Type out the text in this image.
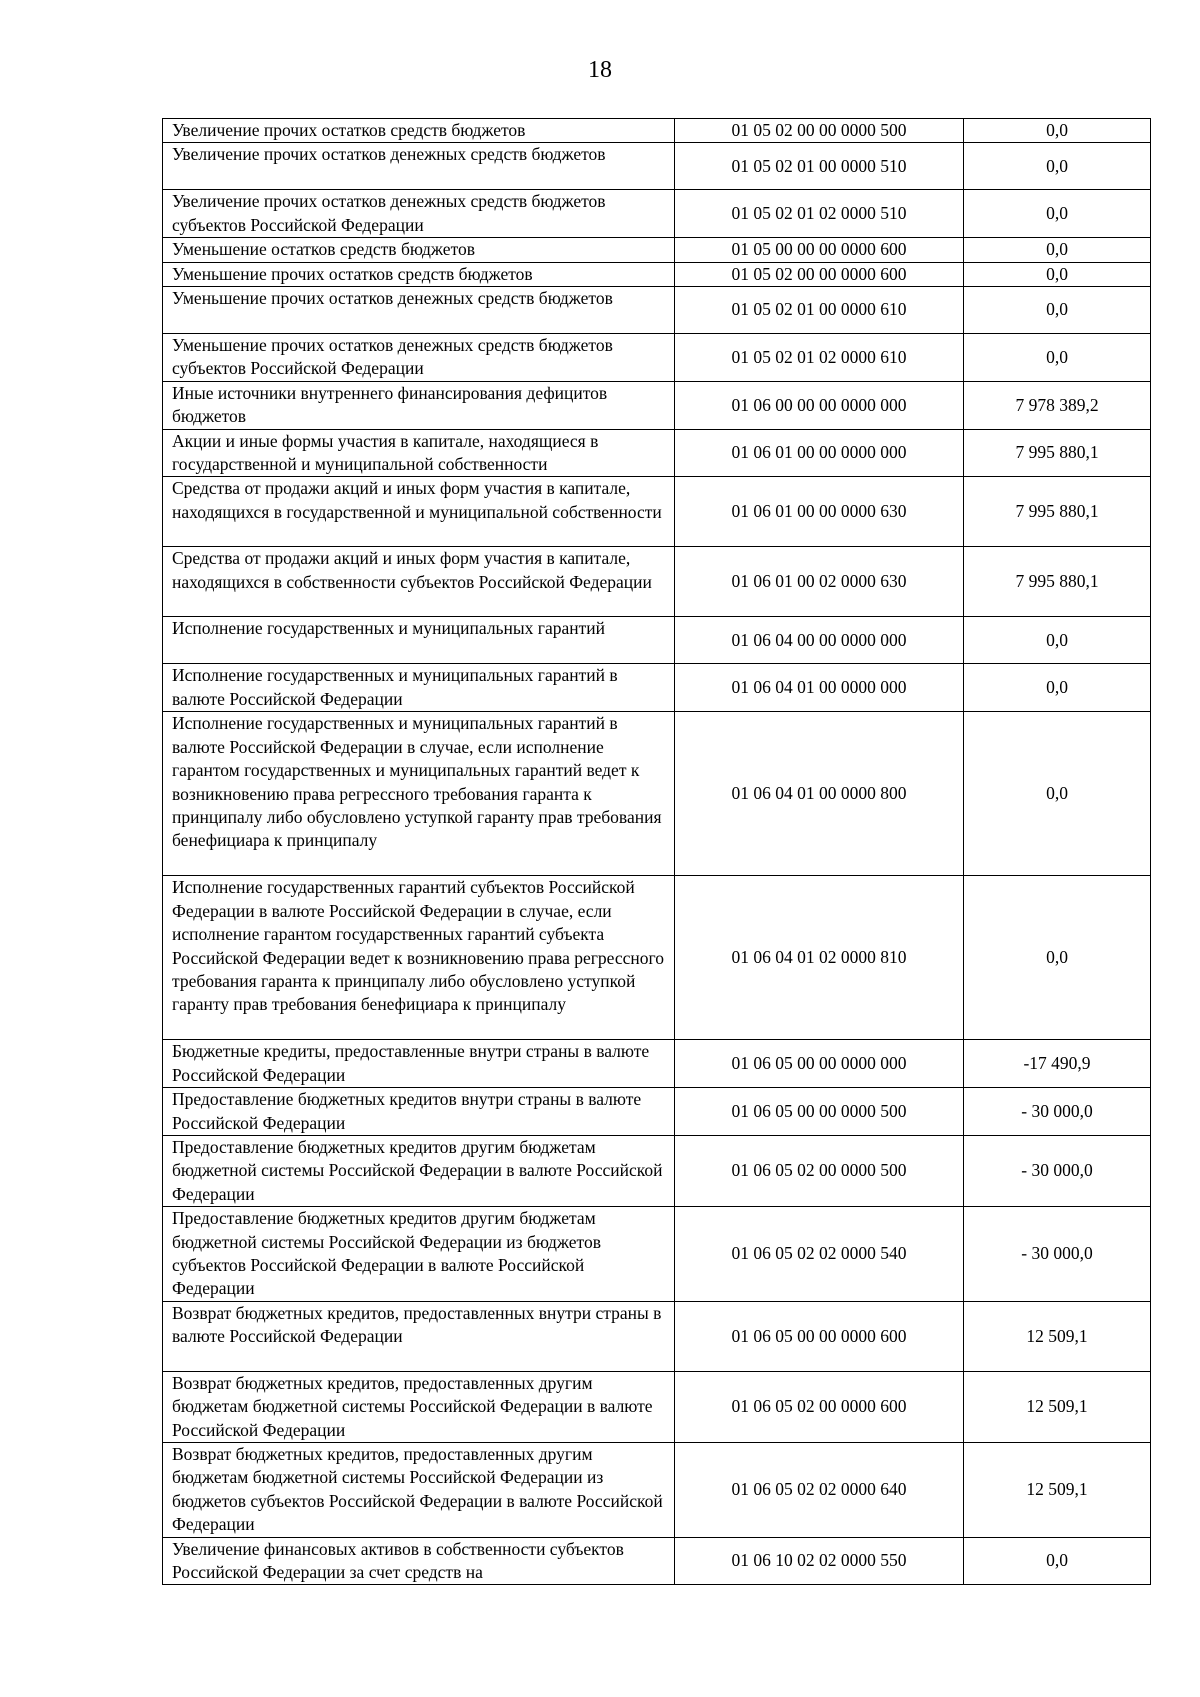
18
Увеличение прочих остатков средств бюджетов	01 05 02 00 00 0000 500	0,0
Увеличение прочих остатков денежных средств бюджетов	01 05 02 01 00 0000 510	0,0
Увеличение прочих остатков денежных средств бюджетов субъектов Российской Федерации	01 05 02 01 02 0000 510	0,0
Уменьшение остатков средств бюджетов	01 05 00 00 00 0000 600	0,0
Уменьшение прочих остатков средств бюджетов	01 05 02 00 00 0000 600	0,0
Уменьшение прочих остатков денежных средств бюджетов	01 05 02 01 00 0000 610	0,0
Уменьшение прочих остатков денежных средств бюджетов субъектов Российской Федерации	01 05 02 01 02 0000 610	0,0
Иные источники внутреннего финансирования дефицитов бюджетов	01 06 00 00 00 0000 000	7 978 389,2
Акции и иные формы участия в капитале, находящиеся в государственной и муниципальной собственности	01 06 01 00 00 0000 000	7 995 880,1
Средства от продажи акций и иных форм участия в капитале, находящихся в государственной и муниципальной собственности	01 06 01 00 00 0000 630	7 995 880,1
Средства от продажи акций и иных форм участия в капитале, находящихся в собственности субъектов Российской Федерации	01 06 01 00 02 0000 630	7 995 880,1
Исполнение государственных и муниципальных гарантий	01 06 04 00 00 0000 000	0,0
Исполнение государственных и муниципальных гарантий в валюте Российской Федерации	01 06 04 01 00 0000 000	0,0
Исполнение государственных и муниципальных гарантий в валюте Российской Федерации в случае, если исполнение гарантом государственных и муниципальных гарантий ведет к возникновению права регрессного требования гаранта к принципалу либо обусловлено уступкой гаранту прав требования бенефициара к принципалу	01 06 04 01 00 0000 800	0,0
Исполнение государственных гарантий субъектов Российской Федерации в валюте Российской Федерации в случае, если исполнение гарантом государственных гарантий субъекта Российской Федерации ведет к возникновению права регрессного требования гаранта к принципалу либо обусловлено уступкой гаранту прав требования бенефициара к принципалу	01 06 04 01 02 0000 810	0,0
Бюджетные кредиты, предоставленные внутри страны в валюте Российской Федерации	01 06 05 00 00 0000 000	-17 490,9
Предоставление бюджетных кредитов внутри страны в валюте Российской Федерации	01 06 05 00 00 0000 500	- 30 000,0
Предоставление бюджетных кредитов другим бюджетам бюджетной системы Российской Федерации в валюте Российской Федерации	01 06 05 02 00 0000 500	- 30 000,0
Предоставление бюджетных кредитов другим бюджетам бюджетной системы Российской Федерации из бюджетов субъектов Российской Федерации в валюте Российской Федерации	01 06 05 02 02 0000 540	- 30 000,0
Возврат бюджетных кредитов, предоставленных внутри страны в валюте Российской Федерации	01 06 05 00 00 0000 600	12 509,1
Возврат бюджетных кредитов, предоставленных другим бюджетам бюджетной системы Российской Федерации в валюте Российской Федерации	01 06 05 02 00 0000 600	12 509,1
Возврат бюджетных кредитов, предоставленных другим бюджетам бюджетной системы Российской Федерации из бюджетов субъектов Российской Федерации в валюте Российской Федерации	01 06 05 02 02 0000 640	12 509,1
Увеличение финансовых активов в собственности субъектов Российской Федерации за счет средств на	01 06 10 02 02 0000 550	0,0
